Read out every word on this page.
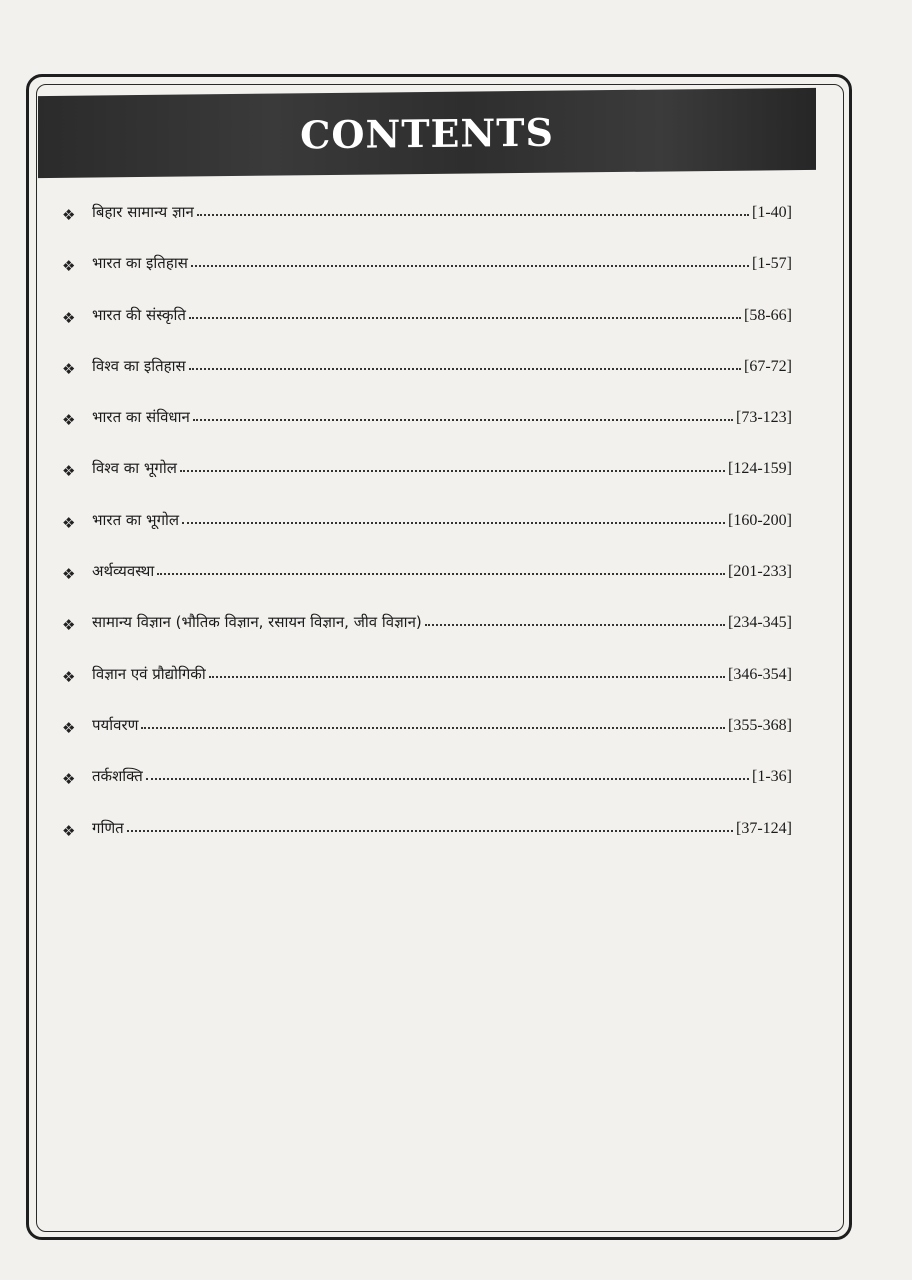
CONTENTS
❖	बिहार सामान्य ज्ञान	[1-40]
❖	भारत का इतिहास	[1-57]
❖	भारत की संस्कृति	[58-66]
❖	विश्व का इतिहास	[67-72]
❖	भारत का संविधान	[73-123]
❖	विश्व का भूगोल	[124-159]
❖	भारत का भूगोल	[160-200]
❖	अर्थव्यवस्था	[201-233]
❖	सामान्य विज्ञान (भौतिक विज्ञान, रसायन विज्ञान, जीव विज्ञान)	[234-345]
❖	विज्ञान एवं प्रौद्योगिकी	[346-354]
❖	पर्यावरण	[355-368]
❖	तर्कशक्ति	[1-36]
❖	गणित	[37-124]
